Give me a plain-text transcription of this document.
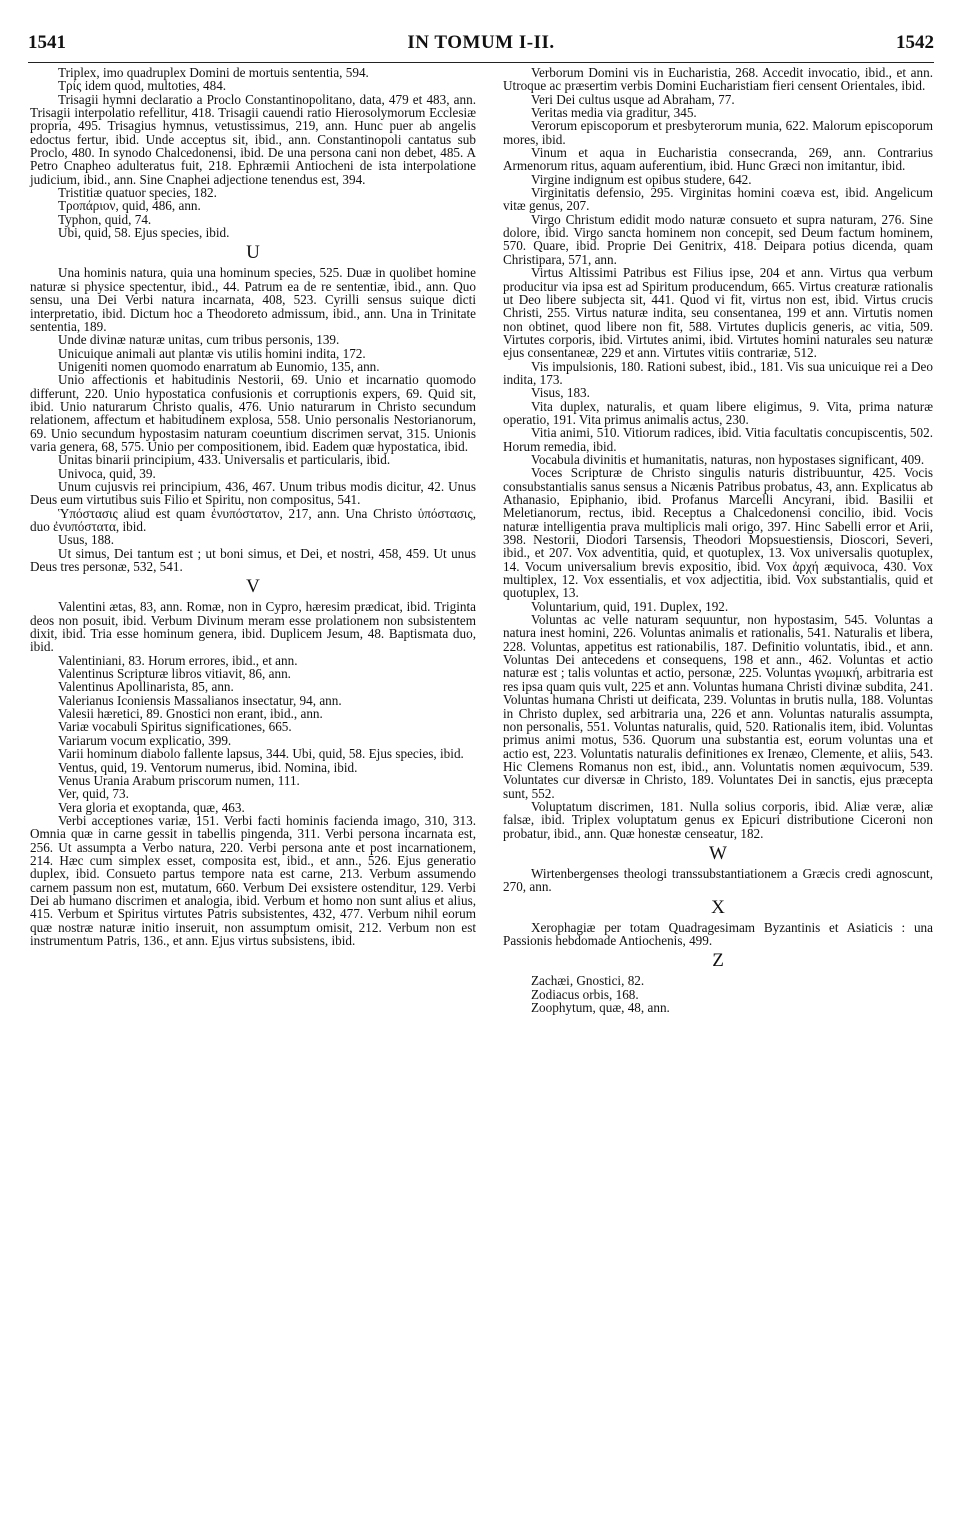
1541	IN TOMUM I-II.	1542

Triplex, imo quadruplex Domini de mortuis sententia, 594.

Τρίς idem quod, multoties, 484.

Trisagii hymni declaratio a Proclo Constantinopolitano, data, 479 et 483, ann. Trisagii interpolatio refellitur, 418. Trisagii cauendi ratio Hierosolymorum Ecclesiæ propria, 495. Trisagius hymnus, vetustissimus, 219, ann. Hunc puer ab angelis edoctus fertur, ibid. Unde acceptus sit, ibid., ann. Constantinopoli cantatus sub Proclo, 480. In synodo Chalcedonensi, ibid. De una persona cani non debet, 485. A Petro Cnapheo adulteratus fuit, 218. Ephræmii Antiocheni de ista interpolatione judicium, ibid., ann. Sine Cnaphei adjectione tenendus est, 394.

Tristitiæ quatuor species, 182.

Τροπάριον, quid, 486, ann.

Typhon, quid, 74.

Ubi, quid, 58. Ejus species, ibid.

U

Una hominis natura, quia una hominum species, 525. Duæ in quolibet homine naturæ si physice spectentur, ibid., 44. Patrum ea de re sententiæ, ibid., ann. Quo sensu, una Dei Verbi natura incarnata, 408, 523. Cyrilli sensus suique dicti interpretatio, ibid. Dictum hoc a Theodoreto admissum, ibid., ann. Una in Trinitate sententia, 189.

Unde divinæ naturæ unitas, cum tribus personis, 139.

Unicuique animali aut plantæ vis utilis homini indita, 172.

Unigeniti nomen quomodo enarratum ab Eunomio, 135, ann.

Unio affectionis et habitudinis Nestorii, 69. Unio et incarnatio quomodo differunt, 220. Unio hypostatica confusionis et corruptionis expers, 69. Quid sit, ibid. Unio naturarum Christo qualis, 476. Unio naturarum in Christo secundum relationem, affectum et habitudinem explosa, 558. Unio personalis Nestorianorum, 69. Unio secundum hypostasim naturam coeuntium discrimen servat, 315. Unionis varia genera, 68, 575. Unio per compositionem, ibid. Eadem quæ hypostatica, ibid.

Unitas binarii principium, 433. Universalis et particularis, ibid.

Univoca, quid, 39.

Unum cujusvis rei principium, 436, 467. Unum tribus modis dicitur, 42. Unus Deus eum virtutibus suis Filio et Spiritu, non compositus, 541.

Ὑπόστασις aliud est quam ἐνυπόστατον, 217, ann. Una Christo ὑπόστασις, duo ἐνυπόστατα, ibid.

Usus, 188.

Ut simus, Dei tantum est ; ut boni simus, et Dei, et nostri, 458, 459. Ut unus Deus tres personæ, 532, 541.

V

Valentini ætas, 83, ann. Romæ, non in Cypro, hæresim prædicat, ibid. Triginta deos non posuit, ibid. Verbum Divinum meram esse prolationem non subsistentem dixit, ibid. Tria esse hominum genera, ibid. Duplicem Jesum, 48. Baptismata duo, ibid.

Valentiniani, 83. Horum errores, ibid., et ann.

Valentinus Scripturæ libros vitiavit, 86, ann.

Valentinus Apollinaristа, 85, ann.

Valerianus Iconiensis Massalianos insectatur, 94, ann.

Valesii hæretici, 89. Gnostici non erant, ibid., ann.

Variæ vocabuli Spiritus significationes, 665.

Variarum vocum explicatio, 399.

Varii hominum diabolo fallente lapsus, 344. Ubi, quid, 58. Ejus species, ibid.

Ventus, quid, 19. Ventorum numerus, ibid. Nomina, ibid.

Venus Urania Arabum priscorum numen, 111.

Ver, quid, 73.

Vera gloria et exoptanda, quæ, 463.

Verbi acceptiones variæ, 151. Verbi facti hominis facienda imago, 310, 313. Omnia quæ in carne gessit in tabellis pingenda, 311. Verbi persona incarnata est, 256. Ut assumpta a Verbo natura, 220. Verbi persona ante et post incarnationem, 214. Hæc cum simplex esset, composita est, ibid., et ann., 526. Ejus generatio duplex, ibid. Consueto partus tempore nata est carne, 213. Verbum assumendo carnem passum non est, mutatum, 660. Verbum Dei exsistere ostenditur, 129. Verbi Dei ab humano discrimen et analogia, ibid. Verbum et homo non sunt alius et alius, 415. Verbum et Spiritus virtutes Patris subsistentes, 432, 477. Verbum nihil eorum quæ nostræ naturæ initio inseruit, non assumptum omisit, 212. Verbum non est instrumentum Patris, 136., et ann. Ejus virtus subsistens, ibid.

Verborum Domini vis in Eucharistia, 268. Accedit invocatio, ibid., et ann. Utroque ac præsertim verbis Domini Eucharistiam fieri censent Orientales, ibid.

Veri Dei cultus usque ad Abraham, 77.

Veritas media via graditur, 345.

Verorum episcoporum et presbyterorum munia, 622. Malorum episcoporum mores, ibid.

Vinum et aqua in Eucharistia consecranda, 269, ann. Contrarius Armenorum ritus, aquam auferentium, ibid. Hunc Græci non imitantur, ibid.

Virgine indignum est opibus studere, 642.

Virginitatis defensio, 295. Virginitas homini coæva est, ibid. Angelicum vitæ genus, 207.

Virgo Christum edidit modo naturæ consueto et supra naturam, 276. Sine dolore, ibid. Virgo sancta hominem non concepit, sed Deum factum hominem, 570. Quare, ibid. Proprie Dei Genitrix, 418. Deipara potius dicenda, quam Christipara, 571, ann.

Virtus Altissimi Patribus est Filius ipse, 204 et ann. Virtus qua verbum producitur via ipsa est ad Spiritum producendum, 665. Virtus creaturæ rationalis ut Deo libere subjecta sit, 441. Quod vi fit, virtus non est, ibid. Virtus crucis Christi, 255. Virtus naturæ indita, seu consentanea, 199 et ann. Virtutis nomen non obtinet, quod libere non fit, 588. Virtutes duplicis generis, ac vitia, 509. Virtutes corporis, ibid. Virtutes animi, ibid. Virtutes homini naturales seu naturæ ejus consentaneæ, 229 et ann. Virtutes vitiis contrariæ, 512.

Vis impulsionis, 180. Rationi subest, ibid., 181. Vis sua unicuique rei a Deo indita, 173.

Visus, 183.

Vita duplex, naturalis, et quam libere eligimus, 9. Vita, prima naturæ operatio, 191. Vita primus animalis actus, 230.

Vitia animi, 510. Vitiorum radices, ibid. Vitia facultatis concupiscentis, 502. Horum remedia, ibid.

Vocabula divinitis et humanitatis, naturas, non hypostases significant, 409.

Voces Scripturæ de Christo singulis naturis distribuuntur, 425. Vocis consubstantialis sanus sensus a Nicænis Patribus probatus, 43, ann. Explicatus ab Athanasio, Epiphanio, ibid. Profanus Marcelli Ancyrani, ibid. Basilii et Meletianorum, rectus, ibid. Receptus a Chalcedonensi concilio, ibid. Vocis naturæ intelligentia prava multiplicis mali origo, 397. Hinc Sabelli error et Arii, 398. Nestorii, Diodori Tarsensis, Theodori Mopsuestiensis, Dioscori, Severi, ibid., et 207. Vox adventitia, quid, et quotuplex, 13. Vox universalis quotuplex, 14. Vocum universalium brevis expositio, ibid. Vox ἀρχή æquivoca, 430. Vox multiplex, 12. Vox essentialis, et vox adjectitia, ibid. Vox substantialis, quid et quotuplex, 13.

Voluntarium, quid, 191. Duplex, 192.

Voluntas ac velle naturam sequuntur, non hypostasim, 545. Voluntas a natura inest homini, 226. Voluntas animalis et rationalis, 541. Naturalis et libera, 228. Voluntas, appetitus est rationabilis, 187. Definitio voluntatis, ibid., et ann. Voluntas Dei antecedens et consequens, 198 et ann., 462. Voluntas et actio naturæ est ; talis voluntas et actio, personæ, 225. Voluntas γνωμική, arbitraria est res ipsa quam quis vult, 225 et ann. Voluntas humana Christi divinæ subdita, 241. Voluntas humana Christi ut deificata, 239. Voluntas in brutis nulla, 188. Voluntas in Christo duplex, sed arbitraria una, 226 et ann. Voluntas naturalis assumpta, non personalis, 551. Voluntas naturalis, quid, 520. Rationalis item, ibid. Voluntas primus animi motus, 536. Quorum una substantia est, eorum voluntas una et actio est, 223. Voluntatis naturalis definitiones ex Irenæo, Clemente, et aliis, 543. Hic Clemens Romanus non est, ibid., ann. Voluntatis nomen æquivocum, 539. Voluntates cur diversæ in Christo, 189. Voluntates Dei in sanctis, ejus præcepta sunt, 552.

Voluptatum discrimen, 181. Nulla solius corporis, ibid. Aliæ veræ, aliæ falsæ, ibid. Triplex voluptatum genus ex Epicuri distributione Ciceroni non probatur, ibid., ann. Quæ honestæ censeatur, 182.

W

Wirtenbergenses theologi transsubstantiationem a Græcis credi agnoscunt, 270, ann.

X

Xerophagiæ per totam Quadragesimam Byzantinis et Asiaticis : una Passionis hebdomade Antiochenis, 499.

Z

Zachæi, Gnostici, 82.

Zodiacus orbis, 168.

Zoophytum, quæ, 48, ann.
